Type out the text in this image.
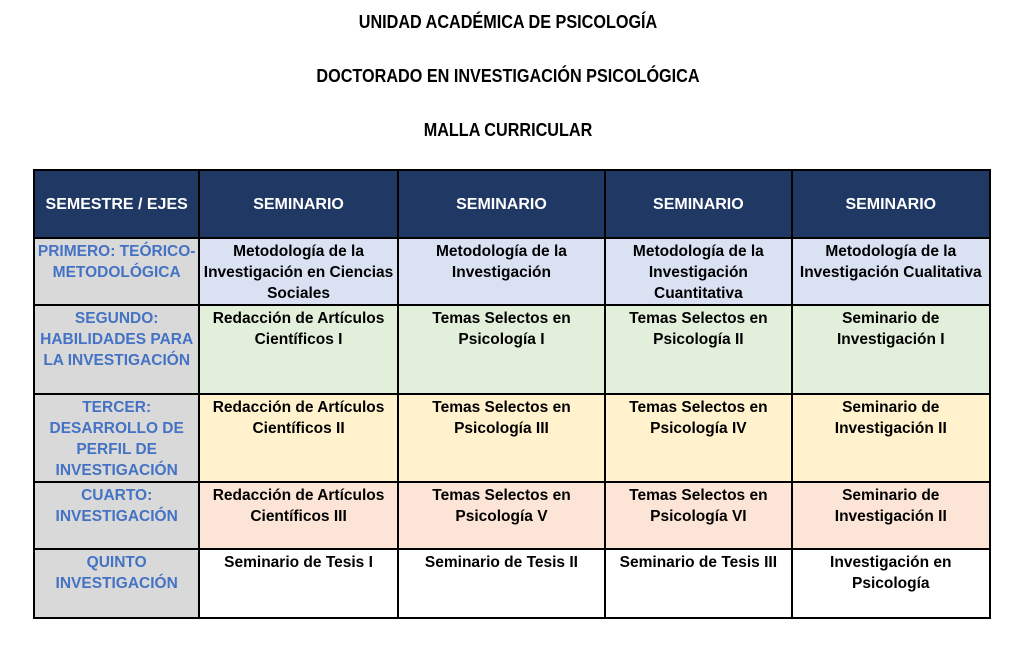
UNIDAD ACADÉMICA DE PSICOLOGÍA
DOCTORADO EN INVESTIGACIÓN PSICOLÓGICA
MALLA CURRICULAR
SEMESTRE / EJES	SEMINARIO	SEMINARIO	SEMINARIO	SEMINARIO

PRIMERO: TEÓRICO-METODOLÓGICA	Metodología de la Investigación en Ciencias Sociales	Metodología de la Investigación	Metodología de la Investigación Cuantitativa	Metodología de la Investigación Cualitativa

SEGUNDO: HABILIDADES PARA LA INVESTIGACIÓN	Redacción de Artículos Científicos I	Temas Selectos en Psicología I	Temas Selectos en Psicología II	Seminario de Investigación I

TERCER: DESARROLLO DE PERFIL DE INVESTIGACIÓN	Redacción de Artículos Científicos II	Temas Selectos en Psicología III	Temas Selectos en Psicología IV	Seminario de Investigación II

CUARTO: INVESTIGACIÓN	Redacción de Artículos Científicos III	Temas Selectos en Psicología V	Temas Selectos en Psicología VI	Seminario de Investigación II

QUINTO INVESTIGACIÓN	Seminario de Tesis I	Seminario de Tesis II	Seminario de Tesis III	Investigación en Psicología
